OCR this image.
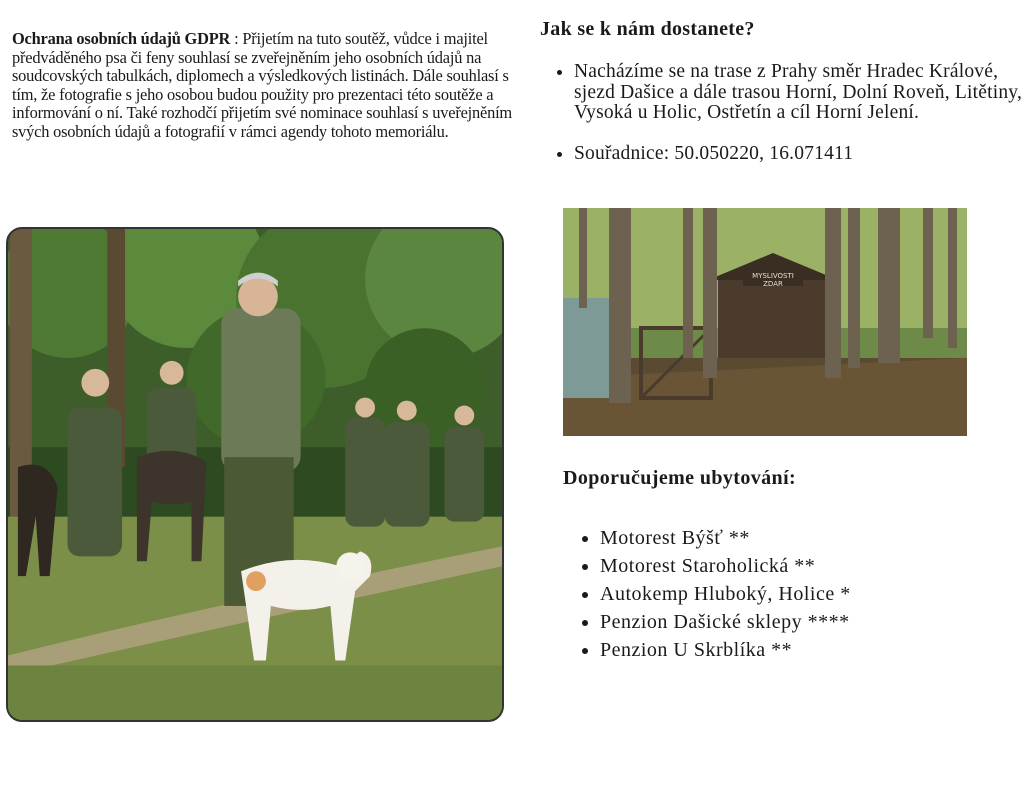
Ochrana osobních údajů GDPR : Přijetím na tuto soutěž, vůdce i majitel předváděného psa či feny souhlasí se zveřejněním jeho osobních údajů na soudcovských tabulkách, diplomech a výsledkových listinách. Dále souhlasí s tím, že fotografie s jeho osobou budou použity pro prezentaci této soutěže a informování o ní. Také rozhodčí přijetím své nominace souhlasí s uveřejněním svých osobních údajů a fotografií v rámci agendy tohoto memoriálu.
Jak se k nám dostanete?
• Nacházíme se na trase z Prahy směr Hradec Králové, sjezd Dašice a dále trasou Horní, Dolní Roveň, Litětiny, Vysoká u Holic, Ostřetín a cíl Horní Jelení.
• Souřadnice: 50.050220, 16.071411
MYSLIVOSTI
ZDAR
Doporučujeme ubytování:
• Motorest Býšť **
• Motorest Staroholická **
• Autokemp Hluboký, Holice *
• Penzion Dašické sklepy ****
• Penzion U Skrblíka **
